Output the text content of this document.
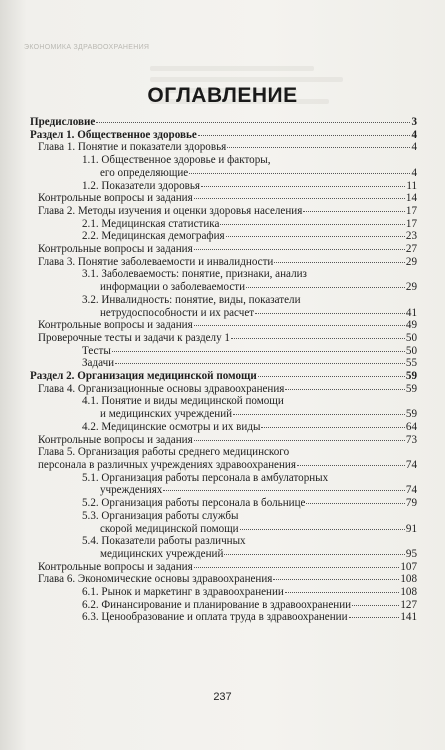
ЭКОНОМИКА ЗДРАВООХРАНЕНИЯ
ОГЛАВЛЕНИЕ
Предисловие	3
Раздел 1. Общественное здоровье	4
Глава 1. Понятие и показатели здоровья	4
1.1. Общественное здоровье и факторы,
его определяющие	4
1.2. Показатели здоровья	11
Контрольные вопросы и задания	14
Глава 2. Методы изучения и оценки здоровья населения	17
2.1. Медицинская статистика	17
2.2. Медицинская демография	23
Контрольные вопросы и задания	27
Глава 3. Понятие заболеваемости и инвалидности	29
3.1. Заболеваемость: понятие, признаки, анализ
информации о заболеваемости	29
3.2. Инвалидность: понятие, виды, показатели
нетрудоспособности и их расчет	41
Контрольные вопросы и задания	49
Проверочные тесты и задачи к разделу 1	50
Тесты	50
Задачи	55
Раздел 2. Организация медицинской помощи	59
Глава 4. Организационные основы здравоохранения	59
4.1. Понятие и виды медицинской помощи
и медицинских учреждений	59
4.2. Медицинские осмотры и их виды	64
Контрольные вопросы и задания	73
Глава 5. Организация работы среднего медицинского
персонала в различных учреждениях здравоохранения	74
5.1. Организация работы персонала в амбулаторных
учреждениях	74
5.2. Организация работы персонала в больнице	79
5.3. Организация работы службы
скорой медицинской помощи	91
5.4. Показатели работы различных
медицинских учреждений	95
Контрольные вопросы и задания	107
Глава 6. Экономические основы здравоохранения	108
6.1. Рынок и маркетинг в здравоохранении	108
6.2. Финансирование и планирование в здравоохранении	127
6.3. Ценообразование и оплата труда в здравоохранении	141
237
